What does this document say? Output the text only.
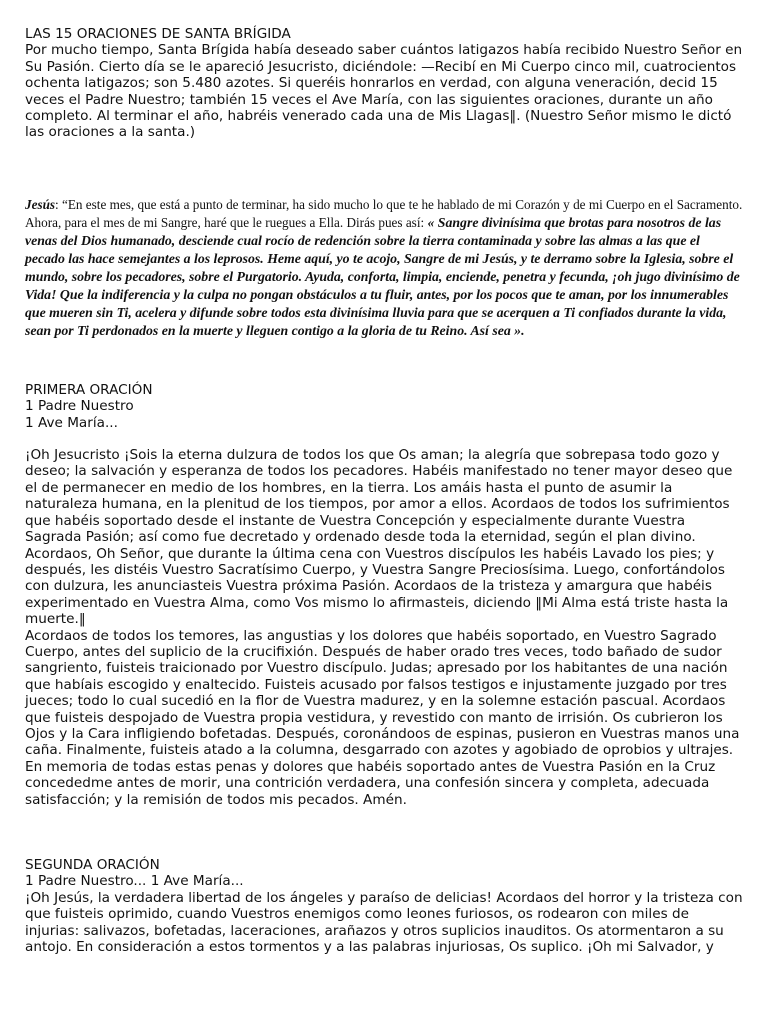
LAS 15 ORACIONES DE SANTA BRÍGIDA

Por mucho tiempo, Santa Brígida había deseado saber cuántos latigazos había recibido Nuestro Señor en Su Pasión. Cierto día se le apareció Jesucristo, diciéndole: —Recibí en Mi Cuerpo cinco mil, cuatrocientos ochenta latigazos; son 5.480 azotes. Si queréis honrarlos en verdad, con alguna veneración, decid 15 veces el Padre Nuestro; también 15 veces el Ave María, con las siguientes oraciones, durante un año completo. Al terminar el año, habréis venerado cada una de Mis Llagas‖. (Nuestro Señor mismo le dictó las oraciones a la santa.)

Jesús: “En este mes, que está a punto de terminar, ha sido mucho lo que te he hablado de mi Corazón y de mi Cuerpo en el Sacramento. Ahora, para el mes de mi Sangre, haré que le ruegues a Ella. Dirás pues así: « Sangre divinísima que brotas para nosotros de las venas del Dios humanado, desciende cual rocío de redención sobre la tierra contaminada y sobre las almas a las que el pecado las hace semejantes a los leprosos. Heme aquí, yo te acojo, Sangre de mi Jesús, y te derramo sobre la Iglesia, sobre el mundo, sobre los pecadores, sobre el Purgatorio. Ayuda, conforta, limpia, enciende, penetra y fecunda, ¡oh jugo divinísimo de Vida! Que la indiferencia y la culpa no pongan obstáculos a tu fluir, antes, por los pocos que te aman, por los innumerables que mueren sin Ti, acelera y difunde sobre todos esta divinísima lluvia para que se acerquen a Ti confiados durante la vida, sean por Ti perdonados en la muerte y lleguen contigo a la gloria de tu Reino. Así sea ».

PRIMERA ORACIÓN

1 Padre Nuestro

1 Ave María...

¡Oh Jesucristo ¡Sois la eterna dulzura de todos los que Os aman; la alegría que sobrepasa todo gozo y deseo; la salvación y esperanza de todos los pecadores. Habéis manifestado no tener mayor deseo que el de permanecer en medio de los hombres, en la tierra. Los amáis hasta el punto de asumir la naturaleza humana, en la plenitud de los tiempos, por amor a ellos. Acordaos de todos los sufrimientos que habéis soportado desde el instante de Vuestra Concepción y especialmente durante Vuestra Sagrada Pasión; así como fue decretado y ordenado desde toda la eternidad, según el plan divino. Acordaos, Oh Señor, que durante la última cena con Vuestros discípulos les habéis Lavado los pies; y después, les distéis Vuestro Sacratísimo Cuerpo, y Vuestra Sangre Preciosísima. Luego, confortándolos con dulzura, les anunciasteis Vuestra próxima Pasión. Acordaos de la tristeza y amargura que habéis experimentado en Vuestra Alma, como Vos mismo lo afirmasteis, diciendo ‖Mi Alma está triste hasta la muerte.‖

Acordaos de todos los temores, las angustias y los dolores que habéis soportado, en Vuestro Sagrado Cuerpo, antes del suplicio de la crucifixión. Después de haber orado tres veces, todo bañado de sudor sangriento, fuisteis traicionado por Vuestro discípulo. Judas; apresado por los habitantes de una nación que habíais escogido y enaltecido. Fuisteis acusado por falsos testigos e injustamente juzgado por tres jueces; todo lo cual sucedió en la flor de Vuestra madurez, y en la solemne estación pascual. Acordaos que fuisteis despojado de Vuestra propia vestidura, y revestido con manto de irrisión. Os cubrieron los Ojos y la Cara infligiendo bofetadas. Después, coronándoos de espinas, pusieron en Vuestras manos una caña. Finalmente, fuisteis atado a la columna, desgarrado con azotes y agobiado de oprobios y ultrajes. En memoria de todas estas penas y dolores que habéis soportado antes de Vuestra Pasión en la Cruz concededme antes de morir, una contrición verdadera, una confesión sincera y completa, adecuada satisfacción; y la remisión de todos mis pecados. Amén.

SEGUNDA ORACIÓN

1 Padre Nuestro... 1 Ave María...

¡Oh Jesús, la verdadera libertad de los ángeles y paraíso de delicias! Acordaos del horror y la tristeza con que fuisteis oprimido, cuando Vuestros enemigos como leones furiosos, os rodearon con miles de injurias: salivazos, bofetadas, laceraciones, arañazos y otros suplicios inauditos. Os atormentaron a su antojo. En consideración a estos tormentos y a las palabras injuriosas, Os suplico. ¡Oh mi Salvador, y
